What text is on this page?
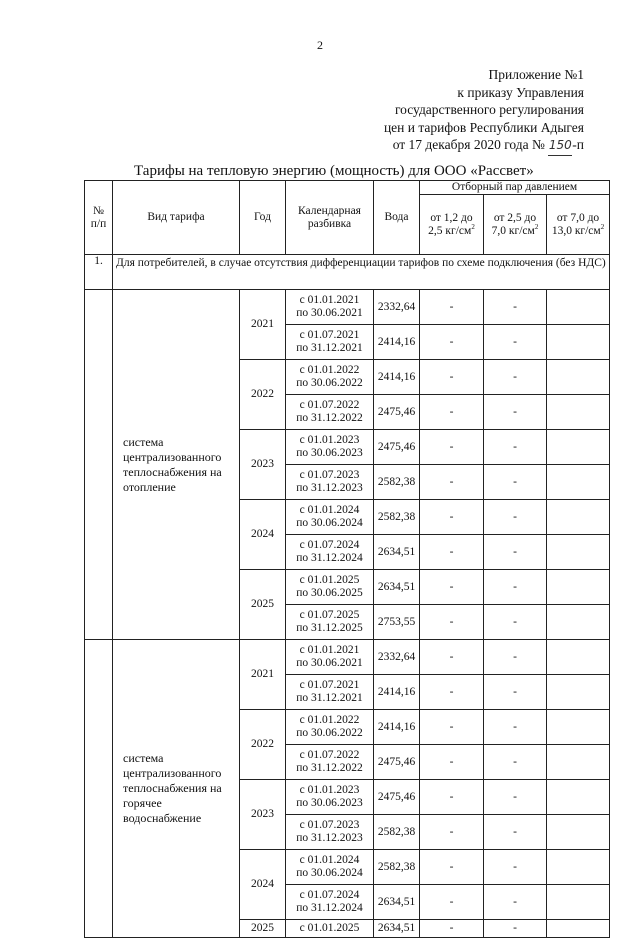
2
Приложение №1
к приказу Управления
государственного регулирования
цен и тарифов Республики Адыгея
от 17 декабря 2020 года № 150-п
Тарифы на тепловую энергию (мощность) для ООО «Рассвет»
№ п/п	Вид тарифа	Год	Календарная разбивка	Вода	Отборный пар давлением		
					от 1,2 до 2,5 $кг/см^2$	от 2,5 до 7,0 $кг/см^2$	от 7,0 до 13,0 $кг/см^2$
1.	Для потребителей, в случае отсутствия дифференциации тарифов по схеме подключения (без НДС)						
	система централизованного теплоснабжения на отопление	2021	с 01.01.2021
по 30.06.2021	2332,64	-	-	

			с 01.07.2021
по 31.12.2021	2414,16	-	-	
		2022	с 01.01.2022
по 30.06.2022	2414,16	-	-	

			с 01.07.2022
по 31.12.2022	2475,46	-	-	
		2023	с 01.01.2023
по 30.06.2023	2475,46	-	-	

			с 01.07.2023
по 31.12.2023	2582,38	-	-	
		2024	с 01.01.2024
по 30.06.2024	2582,38	-	-	

			с 01.07.2024
по 31.12.2024	2634,51	-	-	
		2025	с 01.01.2025
по 30.06.2025	2634,51	-	-	

			с 01.07.2025
по 31.12.2025	2753,55	-	-	
	система централизованного теплоснабжения на горячее водоснабжение	2021	с 01.01.2021
по 30.06.2021	2332,64	-	-	

			с 01.07.2021
по 31.12.2021	2414,16	-	-	
		2022	с 01.01.2022
по 30.06.2022	2414,16	-	-	

			с 01.07.2022
по 31.12.2022	2475,46	-	-	
		2023	с 01.01.2023
по 30.06.2023	2475,46	-	-	

			с 01.07.2023
по 31.12.2023	2582,38	-	-	
		2024	с 01.01.2024
по 30.06.2024	2582,38	-	-	

			с 01.07.2024
по 31.12.2024	2634,51	-	-	
		2025	с 01.01.2025	2634,51	-	-	
